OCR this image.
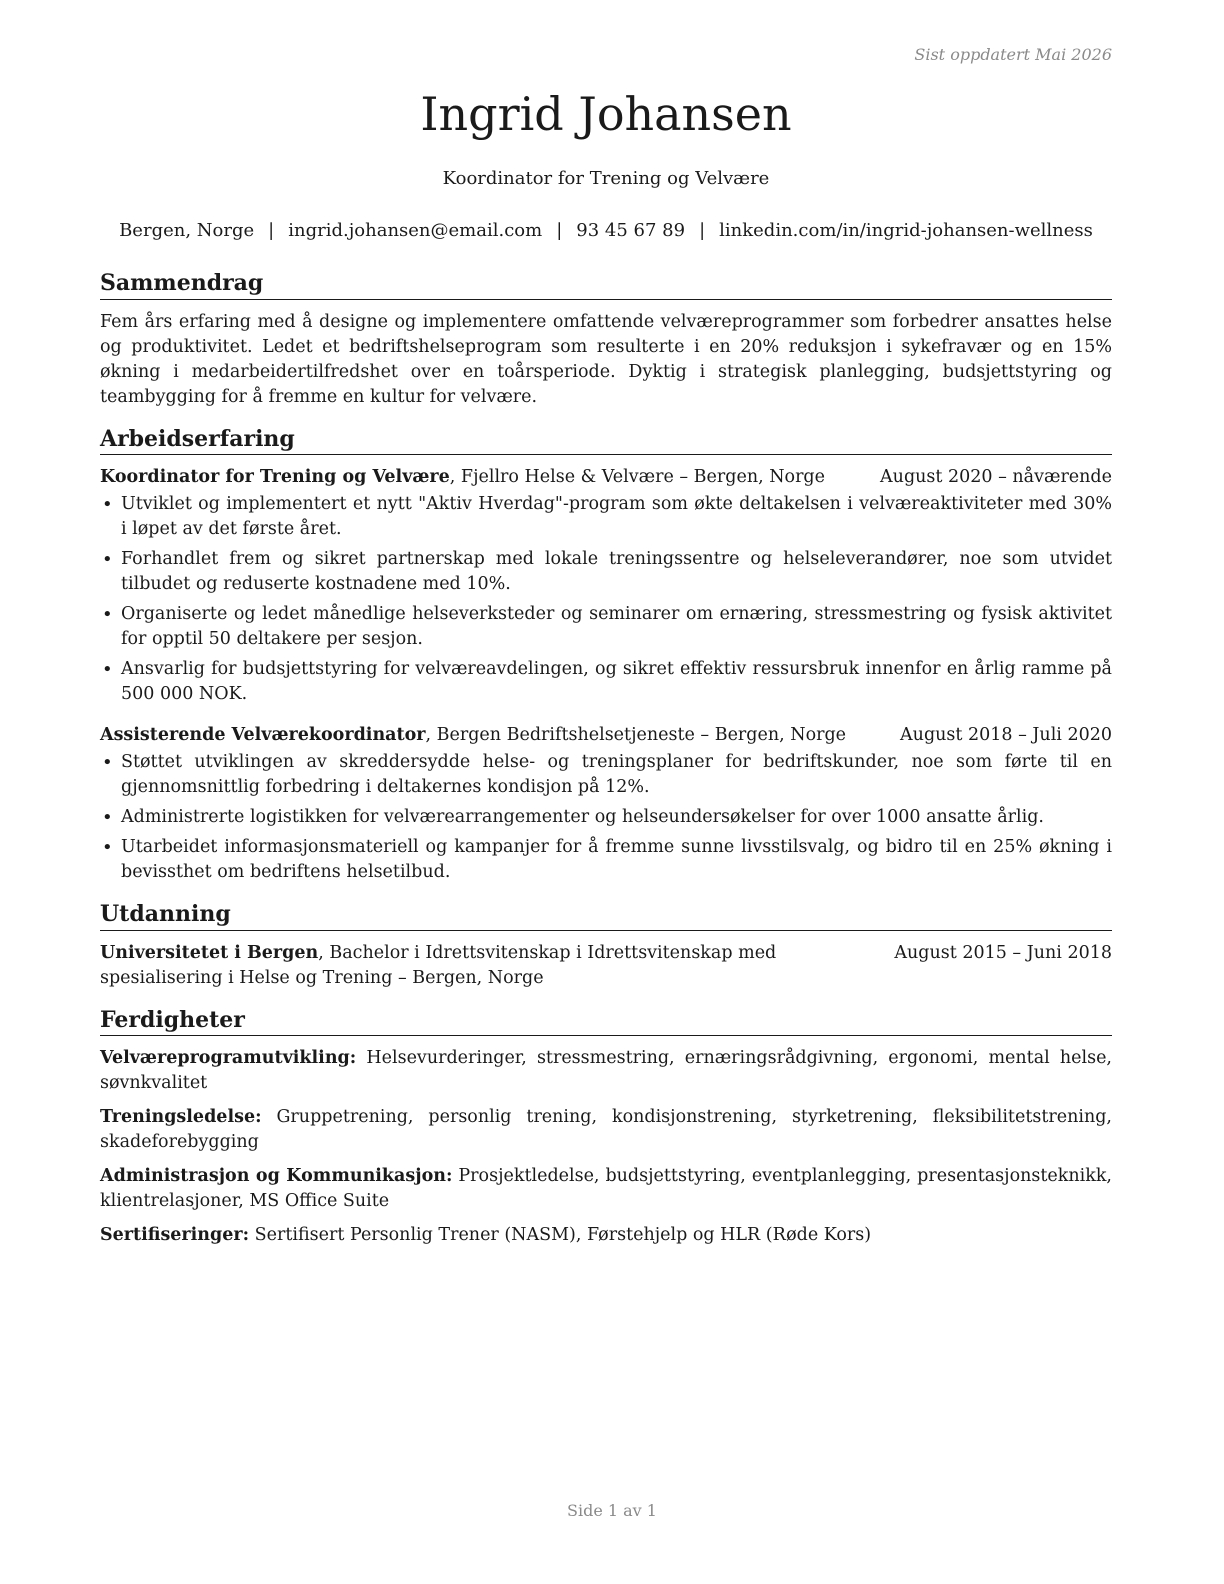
Sist oppdatert Mai 2026
Ingrid Johansen
Koordinator for Trening og Velvære
Bergen, Norge | ingrid.johansen@email.com | 93 45 67 89 | linkedin.com/in/ingrid-johansen-wellness
Sammendrag

Fem års erfaring med å designe og implementere omfattende velværeprogrammer som forbedrer ansattes helse og produktivitet. Ledet et bedriftshelseprogram som resulterte i en 20% reduksjon i sykefravær og en 15% økning i medarbeidertilfredshet over en toårsperiode. Dyktig i strategisk planlegging, budsjettstyring og teambygging for å fremme en kultur for velvære.

Arbeidserfaring
Koordinator for Trening og Velvære, Fjellro Helse & Velvære – Bergen, Norge	August 2020 – nåværende
• Utviklet og implementert et nytt "Aktiv Hverdag"-program som økte deltakelsen i velværeaktiviteter med 30% i løpet av det første året.
• Forhandlet frem og sikret partnerskap med lokale treningssentre og helseleverandører, noe som utvidet tilbudet og reduserte kostnadene med 10%.
• Organiserte og ledet månedlige helseverksteder og seminarer om ernæring, stressmestring og fysisk aktivitet for opptil 50 deltakere per sesjon.
• Ansvarlig for budsjettstyring for velværeavdelingen, og sikret effektiv ressursbruk innenfor en årlig ramme på 500 000 NOK.
Assisterende Velværekoordinator, Bergen Bedriftshelsetjeneste – Bergen, Norge	August 2018 – Juli 2020
• Støttet utviklingen av skreddersydde helse- og treningsplaner for bedriftskunder, noe som førte til en gjennomsnittlig forbedring i deltakernes kondisjon på 12%.
• Administrerte logistikken for velværearrangementer og helseundersøkelser for over 1000 ansatte årlig.
• Utarbeidet informasjonsmateriell og kampanjer for å fremme sunne livsstilsvalg, og bidro til en 25% økning i bevissthet om bedriftens helsetilbud.
Utdanning
Universitetet i Bergen, Bachelor i Idrettsvitenskap i Idrettsvitenskap med spesialisering i Helse og Trening – Bergen, Norge
August 2015 – Juni 2018
Ferdigheter

Velværeprogramutvikling: Helsevurderinger, stressmestring, ernæringsrådgivning, ergonomi, mental helse, søvnkvalitet

Treningsledelse: Gruppetrening, personlig trening, kondisjonstrening, styrketrening, fleksibilitetstrening, skadeforebygging

Administrasjon og Kommunikasjon: Prosjektledelse, budsjettstyring, eventplanlegging, presentasjonsteknikk, klientrelasjoner, MS Office Suite

Sertifiseringer: Sertifisert Personlig Trener (NASM), Førstehjelp og HLR (Røde Kors)

Side 1 av 1
